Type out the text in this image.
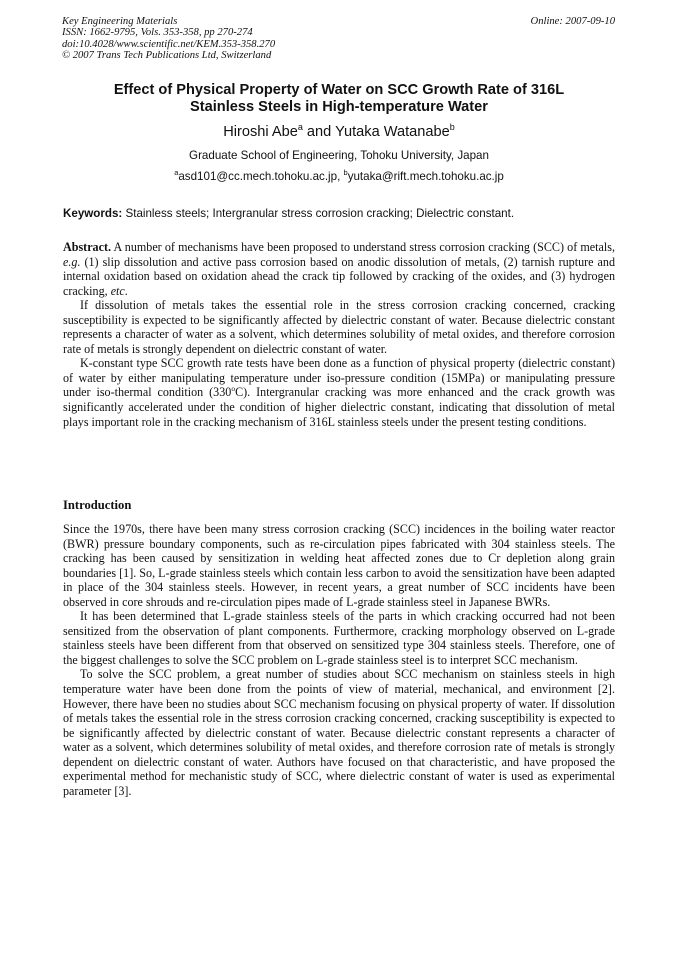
Key Engineering Materials
ISSN: 1662-9795, Vols. 353-358, pp 270-274
doi:10.4028/www.scientific.net/KEM.353-358.270
© 2007 Trans Tech Publications Ltd, Switzerland
Online: 2007-09-10
Effect of Physical Property of Water on SCC Growth Rate of 316L
Stainless Steels in High-temperature Water
Hiroshi Abe$^a$ and Yutaka Watanabe$^b$
Graduate School of Engineering, Tohoku University, Japan
$^a$asd101@cc.mech.tohoku.ac.jp, $^b$yutaka@rift.mech.tohoku.ac.jp
Keywords: Stainless steels; Intergranular stress corrosion cracking; Dielectric constant.

Abstract. A number of mechanisms have been proposed to understand stress corrosion cracking (SCC) of metals, e.g. (1) slip dissolution and active pass corrosion based on anodic dissolution of metals, (2) tarnish rupture and internal oxidation based on oxidation ahead the crack tip followed by cracking of the oxides, and (3) hydrogen cracking, etc.

If dissolution of metals takes the essential role in the stress corrosion cracking concerned, cracking susceptibility is expected to be significantly affected by dielectric constant of water. Because dielectric constant represents a character of water as a solvent, which determines solubility of metal oxides, and therefore corrosion rate of metals is strongly dependent on dielectric constant of water.

K-constant type SCC growth rate tests have been done as a function of physical property (dielectric constant) of water by either manipulating temperature under iso-pressure condition (15MPa) or manipulating pressure under iso-thermal condition (330$^o$C). Intergranular cracking was more enhanced and the crack growth was significantly accelerated under the condition of higher dielectric constant, indicating that dissolution of metal plays important role in the cracking mechanism of 316L stainless steels under the present testing conditions.

Introduction

Since the 1970s, there have been many stress corrosion cracking (SCC) incidences in the boiling water reactor (BWR) pressure boundary components, such as re-circulation pipes fabricated with 304 stainless steels. The cracking has been caused by sensitization in welding heat affected zones due to Cr depletion along grain boundaries [1]. So, L-grade stainless steels which contain less carbon to avoid the sensitization have been adapted in place of the 304 stainless steels. However, in recent years, a great number of SCC incidents have been observed in core shrouds and re-circulation pipes made of L-grade stainless steel in Japanese BWRs.

It has been determined that L-grade stainless steels of the parts in which cracking occurred had not been sensitized from the observation of plant components. Furthermore, cracking morphology observed on L-grade stainless steels have been different from that observed on sensitized type 304 stainless steels. Therefore, one of the biggest challenges to solve the SCC problem on L-grade stainless steel is to interpret SCC mechanism.

To solve the SCC problem, a great number of studies about SCC mechanism on stainless steels in high temperature water have been done from the points of view of material, mechanical, and environment [2]. However, there have been no studies about SCC mechanism focusing on physical property of water. If dissolution of metals takes the essential role in the stress corrosion cracking concerned, cracking susceptibility is expected to be significantly affected by dielectric constant of water. Because dielectric constant represents a character of water as a solvent, which determines solubility of metal oxides, and therefore corrosion rate of metals is strongly dependent on dielectric constant of water. Authors have focused on that characteristic, and have proposed the experimental method for mechanistic study of SCC, where dielectric constant of water is used as experimental parameter [3].
